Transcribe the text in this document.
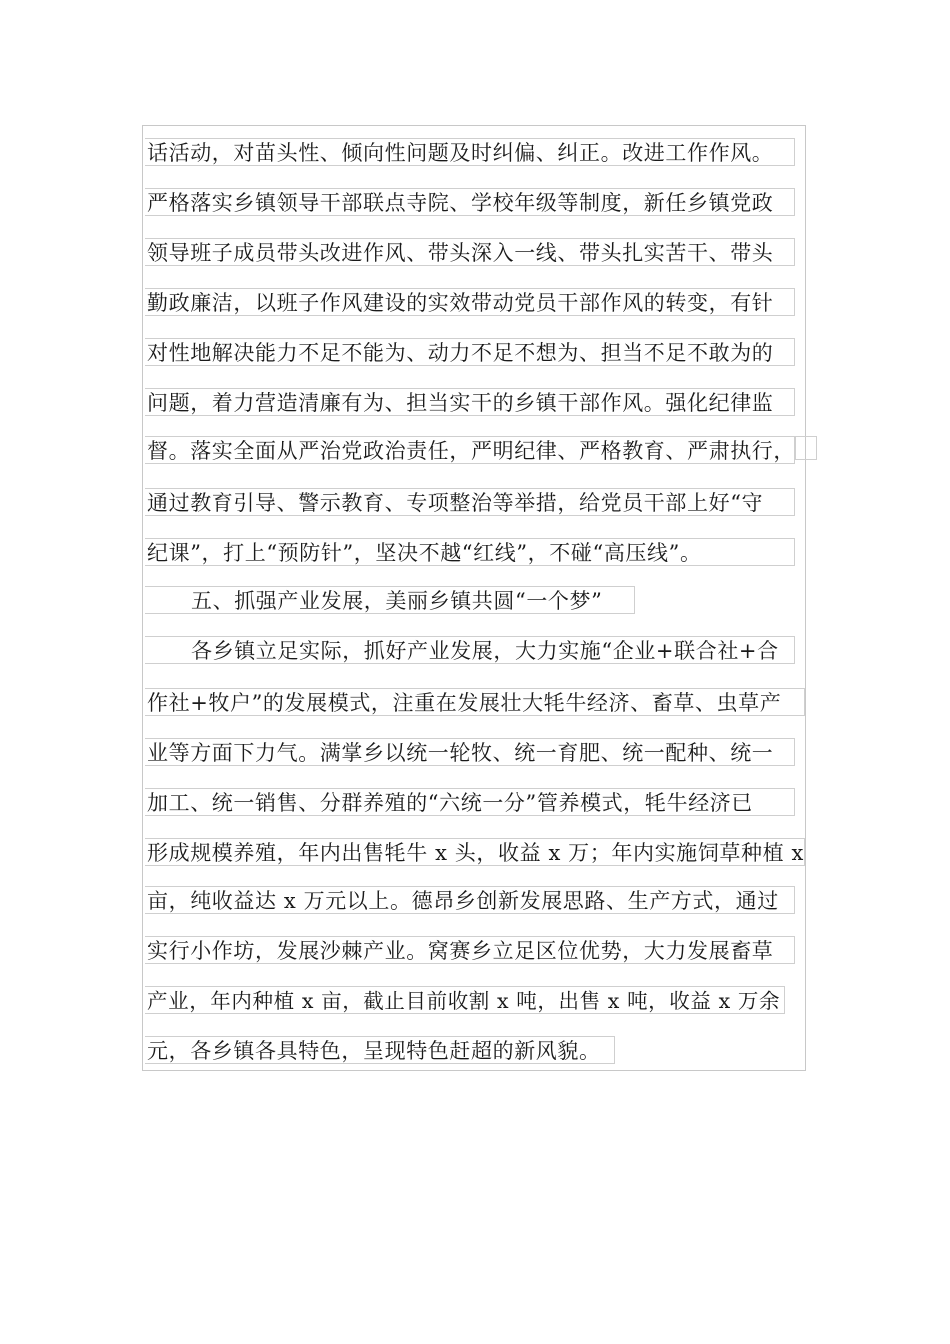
话活动，对苗头性、倾向性问题及时纠偏、纠正。改进工作作风。
严格落实乡镇领导干部联点寺院、学校年级等制度，新任乡镇党政
领导班子成员带头改进作风、带头深入一线、带头扎实苦干、带头
勤政廉洁，以班子作风建设的实效带动党员干部作风的转变，有针
对性地解决能力不足不能为、动力不足不想为、担当不足不敢为的
问题，着力营造清廉有为、担当实干的乡镇干部作风。强化纪律监
督。落实全面从严治党政治责任，严明纪律、严格教育、严肃执行，
通过教育引导、警示教育、专项整治等举措，给党员干部上好“守
纪课”，打上“预防针”，坚决不越“红线”，不碰“高压线”。
五、抓强产业发展，美丽乡镇共圆“一个梦”
各乡镇立足实际，抓好产业发展，大力实施“企业+联合社+合
作社+牧户”的发展模式，注重在发展壮大牦牛经济、畜草、虫草产
业等方面下力气。满掌乡以统一轮牧、统一育肥、统一配种、统一
加工、统一销售、分群养殖的“六统一分”管养模式，牦牛经济已
形成规模养殖，年内出售牦牛 x 头，收益 x 万；年内实施饲草种植 x
亩，纯收益达 x 万元以上。德昂乡创新发展思路、生产方式，通过
实行小作坊，发展沙棘产业。窝赛乡立足区位优势，大力发展畜草
产业，年内种植 x 亩，截止目前收割 x 吨，出售 x 吨，收益 x 万余
元，各乡镇各具特色，呈现特色赶超的新风貌。
